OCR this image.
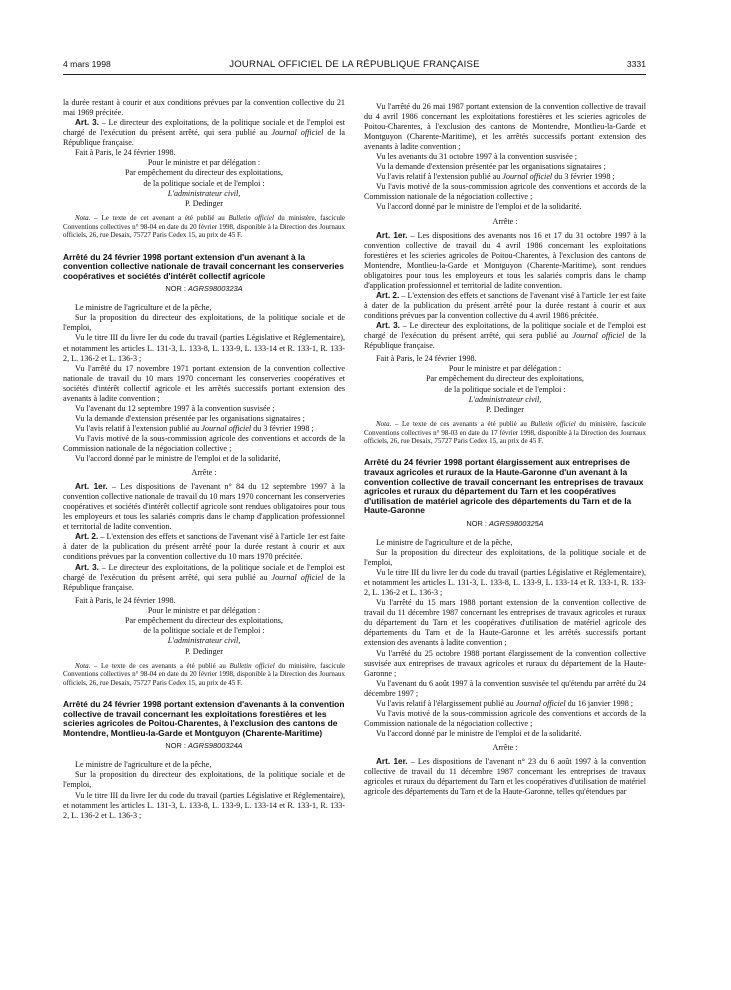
4 mars 1998	JOURNAL OFFICIEL DE LA RÉPUBLIQUE FRANÇAISE	3331

la durée restant à courir et aux conditions prévues par la convention collective du 21 mai 1969 précitée.

Art. 3. – Le directeur des exploitations, de la politique sociale et de l'emploi est chargé de l'exécution du présent arrêté, qui sera publié au Journal officiel de la République française.

Fait à Paris, le 24 février 1998.

Pour le ministre et par délégation :
Par empêchement du directeur des exploitations,
de la politique sociale et de l'emploi :
L'administrateur civil,
P. Dedinger

Nota. – Le texte de cet avenant a été publié au Bulletin officiel du ministère, fascicule Conventions collectives n° 98-04 en date du 20 février 1998, disponible à la Direction des Journaux officiels, 26, rue Desaix, 75727 Paris Cedex 15, au prix de 45 F.

Arrêté du 24 février 1998 portant extension d'un avenant à la convention collective nationale de travail concernant les conserveries coopératives et sociétés d'intérêt collectif agricole

NOR : AGRS9800323A

Le ministre de l'agriculture et de la pêche,

Sur la proposition du directeur des exploitations, de la politique sociale et de l'emploi,

Vu le titre III du livre Ier du code du travail (parties Législative et Réglementaire), et notamment les articles L. 131-3, L. 133-8, L. 133-9, L. 133-14 et R. 133-1, R. 133-2, L. 136-2 et L. 136-3 ;

Vu l'arrêté du 17 novembre 1971 portant extension de la convention collective nationale de travail du 10 mars 1970 concernant les conserveries coopératives et sociétés d'intérêt collectif agricole et les arrêtés successifs portant extension des avenants à ladite convention ;

Vu l'avenant du 12 septembre 1997 à la convention susvisée ;

Vu la demande d'extension présentée par les organisations signataires ;

Vu l'avis relatif à l'extension publié au Journal officiel du 3 février 1998 ;

Vu l'avis motivé de la sous-commission agricole des conventions et accords de la Commission nationale de la négociation collective ;

Vu l'accord donné par le ministre de l'emploi et de la solidarité,

Arrête :

Art. 1er. – Les dispositions de l'avenant n° 84 du 12 septembre 1997 à la convention collective nationale de travail du 10 mars 1970 concernant les conserveries coopératives et sociétés d'intérêt collectif agricole sont rendues obligatoires pour tous les employeurs et tous les salariés compris dans le champ d'application professionnel et territorial de ladite convention.

Art. 2. – L'extension des effets et sanctions de l'avenant visé à l'article 1er est faite à dater de la publication du présent arrêté pour la durée restant à courir et aux conditions prévues par la convention collective du 10 mars 1970 précitée.

Art. 3. – Le directeur des exploitations, de la politique sociale et de l'emploi est chargé de l'exécution du présent arrêté, qui sera publié au Journal officiel de la République française.

Fait à Paris, le 24 février 1998.

Pour le ministre et par délégation :
Par empêchement du directeur des exploitations,
de la politique sociale et de l'emploi :
L'administrateur civil,
P. Dedinger

Nota. – Le texte de ces avenants a été publié au Bulletin officiel du ministère, fascicule Conventions collectives n° 98-04 en date du 20 février 1998, disponible à la Direction des Journaux officiels, 26, rue Desaix, 75727 Paris Cedex 15, au prix de 45 F.

Arrêté du 24 février 1998 portant extension d'avenants à la convention collective de travail concernant les exploitations forestières et les scieries agricoles de Poitou-Charentes, à l'exclusion des cantons de Montendre, Montlieu-la-Garde et Montguyon (Charente-Maritime)

NOR : AGRS9800324A

Le ministre de l'agriculture et de la pêche,

Sur la proposition du directeur des exploitations, de la politique sociale et de l'emploi,

Vu le titre III du livre Ier du code du travail (parties Législative et Réglementaire), et notamment les articles L. 131-3, L. 133-8, L. 133-9, L. 133-14 et R. 133-1, R. 133-2, L. 136-2 et L. 136-3 ;

Vu l'arrêté du 26 mai 1987 portant extension de la convention collective de travail du 4 avril 1986 concernant les exploitations forestières et les scieries agricoles de Poitou-Charentes, à l'exclusion des cantons de Montendre, Montlieu-la-Garde et Montguyon (Charente-Maritime), et les arrêtés successifs portant extension des avenants à ladite convention ;

Vu les avenants du 31 octobre 1997 à la convention susvisée ;

Vu la demande d'extension présentée par les organisations signataires ;

Vu l'avis relatif à l'extension publié au Journal officiel du 3 février 1998 ;

Vu l'avis motivé de la sous-commission agricole des conventions et accords de la Commission nationale de la négociation collective ;

Vu l'accord donné par le ministre de l'emploi et de la solidarité.

Arrête :

Art. 1er. – Les dispositions des avenants nos 16 et 17 du 31 octobre 1997 à la convention collective de travail du 4 avril 1986 concernant les exploitations forestières et les scieries agricoles de Poitou-Charentes, à l'exclusion des cantons de Montendre, Montlieu-la-Garde et Montguyon (Charente-Maritime), sont rendues obligatoires pour tous les employeurs et tous les salariés compris dans le champ d'application professionnel et territorial de ladite convention.

Art. 2. – L'extension des effets et sanctions de l'avenant visé à l'article 1er est faite à dater de la publication du présent arrêté pour la durée restant à courir et aux conditions prévues par la convention collective du 4 avril 1986 précitée.

Art. 3. – Le directeur des exploitations, de la politique sociale et de l'emploi est chargé de l'exécution du présent arrêté, qui sera publié au Journal officiel de la République française.

Fait à Paris, le 24 février 1998.

Pour le ministre et par délégation :
Par empêchement du directeur des exploitations,
de la politique sociale et de l'emploi :
L'administrateur civil,
P. Dedinger

Nota. – Le texte de ces avenants a été publié au Bulletin officiel du ministère, fascicule Conventions collectives n° 98-03 en date du 17 février 1998, disponible à la Direction des Journaux officiels, 26, rue Desaix, 75727 Paris Cedex 15, au prix de 45 F.

Arrêté du 24 février 1998 portant élargissement aux entreprises de travaux agricoles et ruraux de la Haute-Garonne d'un avenant à la convention collective de travail concernant les entreprises de travaux agricoles et ruraux du département du Tarn et les coopératives d'utilisation de matériel agricole des départements du Tarn et de la Haute-Garonne

NOR : AGRS9800325A

Le ministre de l'agriculture et de la pêche,

Sur la proposition du directeur des exploitations, de la politique sociale et de l'emploi,

Vu le titre III du livre Ier du code du travail (parties Législative et Réglementaire), et notamment les articles L. 131-3, L. 133-8, L. 133-9, L. 133-14 et R. 133-1, R. 133-2, L. 136-2 et L. 136-3 ;

Vu l'arrêté du 15 mars 1988 portant extension de la convention collective de travail du 11 décembre 1987 concernant les entreprises de travaux agricoles et ruraux du département du Tarn et les coopératives d'utilisation de matériel agricole des départements du Tarn et de la Haute-Garonne et les arrêtés successifs portant extension des avenants à ladite convention ;

Vu l'arrêté du 25 octobre 1988 portant élargissement de la convention collective susvisée aux entreprises de travaux agricoles et ruraux du département de la Haute-Garonne ;

Vu l'avenant du 6 août 1997 à la convention susvisée tel qu'étendu par arrêté du 24 décembre 1997 ;

Vu l'avis relatif à l'élargissement publié au Journal officiel du 16 janvier 1998 ;

Vu l'avis motivé de la sous-commission agricole des conventions et accords de la Commission nationale de la négociation collective ;

Vu l'accord donné par le ministre de l'emploi et de la solidarité.

Arrête :

Art. 1er. – Les dispositions de l'avenant n° 23 du 6 août 1997 à la convention collective de travail du 11 décembre 1987 concernant les entreprises de travaux agricoles et ruraux du département du Tarn et les coopératives d'utilisation de matériel agricole des départements du Tarn et de la Haute-Garonne, telles qu'étendues par
